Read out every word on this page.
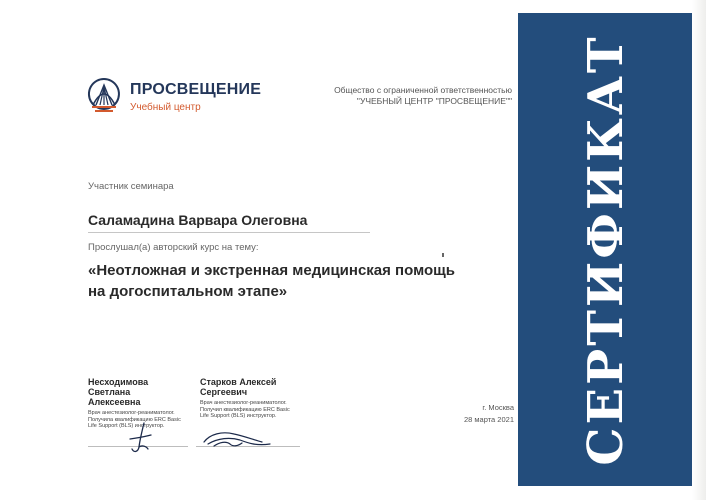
ПРОСВЕЩЕНИЕ
Учебный центр
Общество с ограниченной ответственностью
"УЧЕБНЫЙ ЦЕНТР "ПРОСВЕЩЕНИЕ""
Участник семинара
Саламадина Варвара Олеговна
Прослушал(а) авторский курс на тему:
«Неотложная и экстренная медицинская помощь
на догоспитальном этапе»
Несходимова Светлана
Алексеевна
Врач анестезиолог-реаниматолог.
Получила квалификацию ERC Basic
Life Support (BLS) инструктор.
Старков Алексей
Сергеевич
Врач анестезиолог-реаниматолог.
Получил квалификацию ERC Basic
Life Support (BLS) инструктор.
г. Москва
28 марта 2021 СЕРТИФИКАТ
